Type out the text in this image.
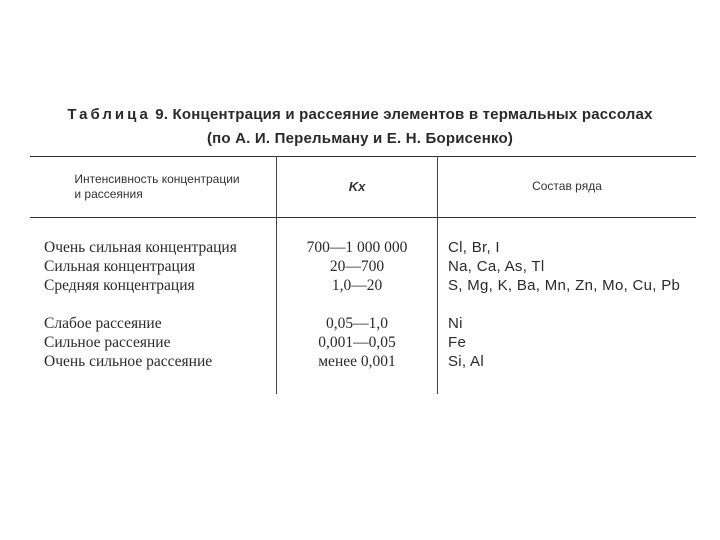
Таблица 9. Концентрация и рассеяние элементов в термальных рассолах
(по А. И. Перельману и Е. Н. Борисенко)
Интенсивность концентрации
и рассеяния	Kx	Состав ряда
Очень сильная концентрация	700—1 000 000	Cl, Br, I
Сильная концентрация	20—700	Na, Ca, As, Tl
Средняя концентрация	1,0—20	S, Mg, K, Ba, Mn, Zn, Mo, Cu, Pb
Слабое рассеяние	0,05—1,0	Ni
Сильное рассеяние	0,001—0,05	Fe
Очень сильное рассеяние	менее 0,001	Si, Al
